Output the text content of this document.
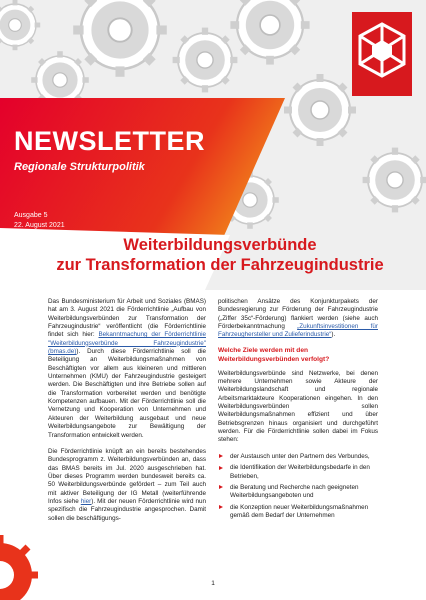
NEWSLETTER
Regionale Strukturpolitik
Ausgabe 5
22. August 2021
Weiterbildungsverbünde
zur Transformation der Fahrzeugindustrie

Das Bundesministerium für Arbeit und Soziales (BMAS) hat am 3. August 2021 die Förderrichtlinie „Aufbau von Weiterbildungsverbünden zur Transformation der Fahrzeugindustrie“ veröffentlicht (die Förderrichtlinie findet sich hier: Bekanntmachung der Förderrichtlinie "Weiterbildungsverbünde Fahrzeugindustrie" (bmas.de)). Durch diese Förderrichtlinie soll die Beteiligung an Weiterbildungsmaßnahmen von Beschäftigten vor allem aus kleineren und mittleren Unternehmen (KMU) der Fahrzeugindustrie gesteigert werden. Die Beschäftigten und ihre Betriebe sollen auf die Transformation vorbereitet werden und benötigte Kompetenzen aufbauen. Mit der Förderrichtlinie soll die Vernetzung und Kooperation von Unternehmen und Akteuren der Weiterbildung ausgebaut und neue Weiterbildungsangebote zur Bewältigung der Transformation entwickelt werden.

Die Förderrichtlinie knüpft an ein bereits bestehendes Bundesprogramm z. Weiterbildungsverbünden an, dass das BMAS bereits im Jul. 2020 ausgeschrieben hat. Über dieses Programm werden bundesweit bereits ca. 50 Weiterbildungsverbünde gefördert – zum Teil auch mit aktiver Beteiligung der IG Metall (weiterführende Infos siehe hier). Mit der neuen Förderrichtlinie wird nun spezifisch die Fahrzeugindustrie angesprochen. Damit sollen die beschäftigungs-

politischen Ansätze des Konjunkturpakets der Bundesregierung zur Förderung der Fahrzeugindustrie („Ziffer 35c“-Förderung) flankiert werden (siehe auch Förderbekanntmachung „Zukunftsinvestitionen für Fahrzeughersteller und Zulieferindustrie“).

Welche Ziele werden mit den Weiterbildungsverbünden verfolgt?

Weiterbildungsverbünde sind Netzwerke, bei denen mehrere Unternehmen sowie Akteure der Weiterbildungslandschaft und regionale Arbeitsmarktakteure Kooperationen eingehen. In den Weiterbildungsverbünden sollen Weiterbildungsmaßnahmen effizient und über Betriebsgrenzen hinaus organisiert und durchgeführt werden. Für die Förderrichtlinie sollen dabei im Fokus stehen:

der Austausch unter den Partnern des Verbundes,
die Identifikation der Weiterbildungsbedarfe in den Betrieben,
die Beratung und Recherche nach geeigneten Weiterbildungsangeboten und
die Konzeption neuer Weiterbildungsmaßnahmen gemäß dem Bedarf der Unternehmen
1
